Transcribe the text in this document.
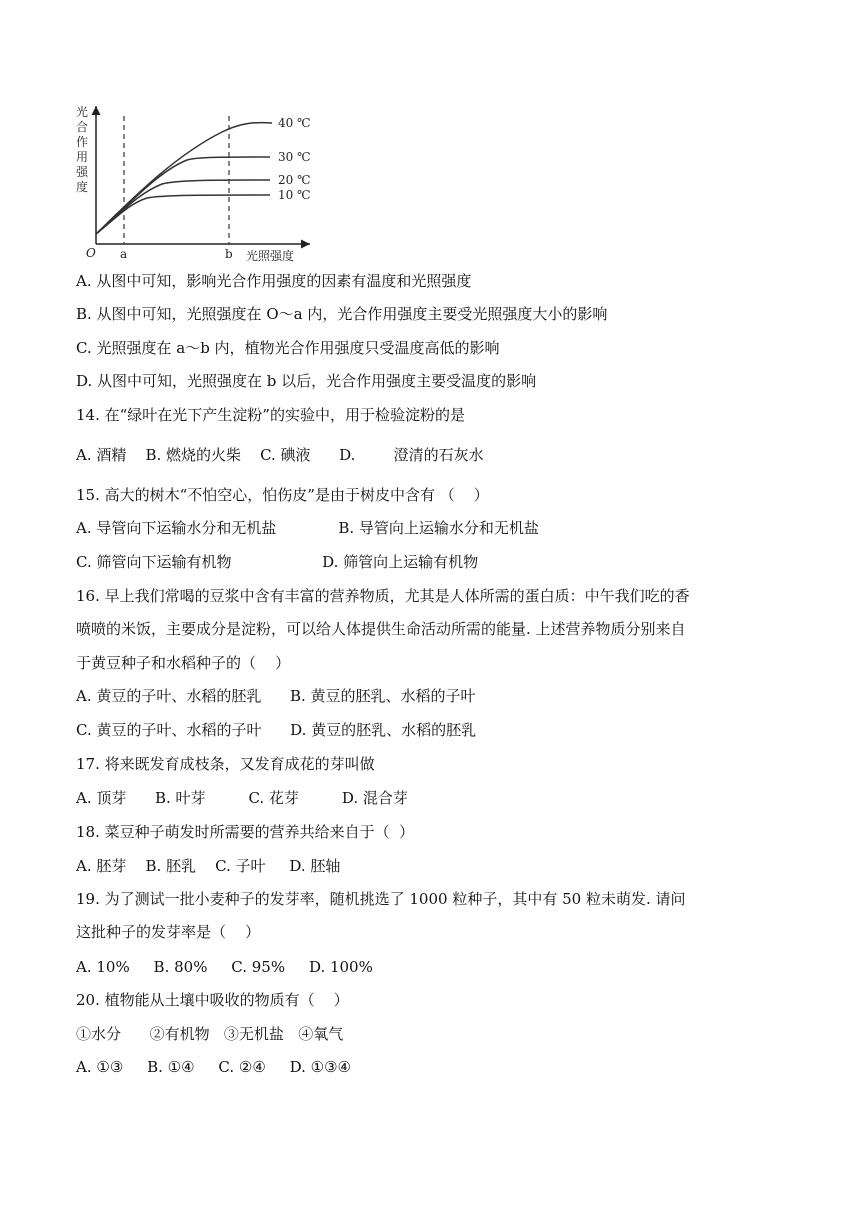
光合作用强度
40 ℃
30 ℃
20 ℃
10 ℃
O a	b 光照强度
A. 从图中可知，影响光合作用强度的因素有温度和光照强度
B. 从图中可知，光照强度在 O～a 内，光合作用强度主要受光照强度大小的影响
C. 光照强度在 a～b 内，植物光合作用强度只受温度高低的影响
D. 从图中可知，光照强度在 b 以后，光合作用强度主要受温度的影响
14. 在“绿叶在光下产生淀粉”的实验中，用于检验淀粉的是
A. 酒精    B. 燃烧的火柴    C. 碘液      D.        澄清的石灰水
15. 高大的树木“不怕空心，怕伤皮”是由于树皮中含有 （    ）
A. 导管向下运输水分和无机盐             B. 导管向上运输水分和无机盐
C. 筛管向下运输有机物                   D. 筛管向上运输有机物
16. 早上我们常喝的豆浆中含有丰富的营养物质，尤其是人体所需的蛋白质：中午我们吃的香
喷喷的米饭，主要成分是淀粉，可以给人体提供生命活动所需的能量. 上述营养物质分别来自
于黄豆种子和水稻种子的（    ）
A. 黄豆的子叶、水稻的胚乳      B. 黄豆的胚乳、水稻的子叶
C. 黄豆的子叶、水稻的子叶      D. 黄豆的胚乳、水稻的胚乳
17. 将来既发育成枝条，又发育成花的芽叫做
A. 顶芽      B. 叶芽         C. 花芽         D. 混合芽
18. 菜豆种子萌发时所需要的营养共给来自于（  ）
A. 胚芽    B. 胚乳    C. 子叶     D. 胚轴
19. 为了测试一批小麦种子的发芽率，随机挑选了 1000 粒种子，其中有 50 粒未萌发. 请问
这批种子的发芽率是（    ）
A. 10%     B. 80%     C. 95%     D. 100%
20. 植物能从土壤中吸收的物质有（    ）
①水分      ②有机物   ③无机盐   ④氧气
A. ①③     B. ①④     C. ②④     D. ①③④
